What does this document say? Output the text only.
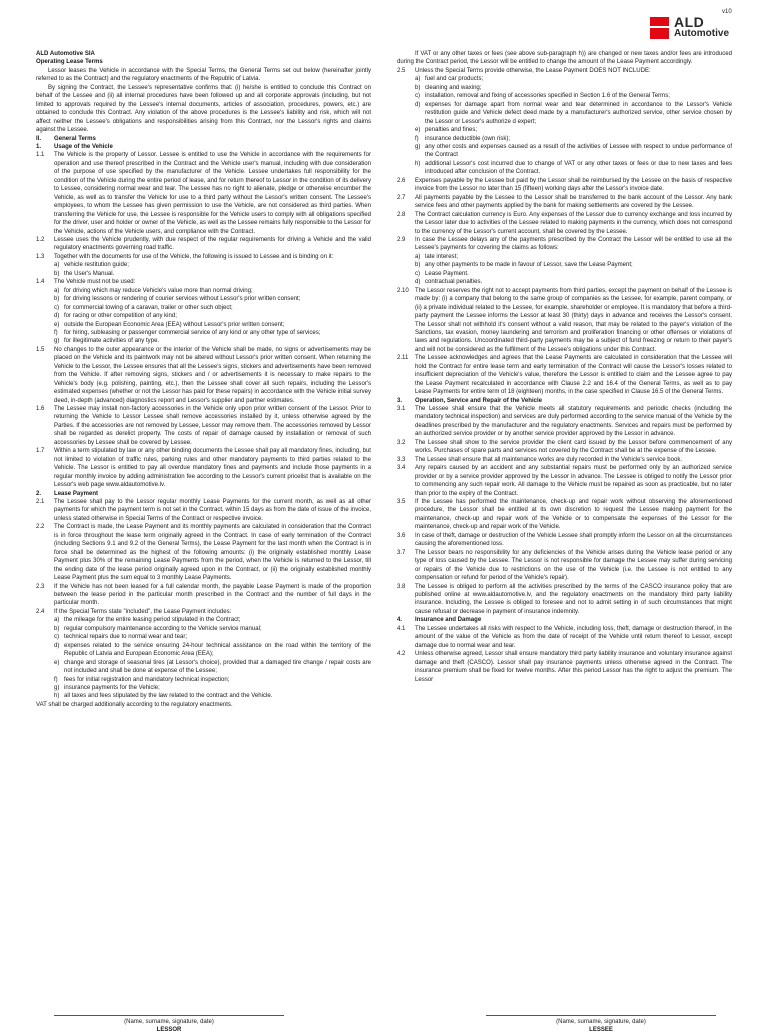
v10
ALD
Automotive

ALD Automotive SIA

Operating Lease Terms

Lessor leases the Vehicle in accordance with the Special Terms, the General Terms set out below (hereinafter jointly referred to as the Contract) and the regulatory enactments of the Republic of Latvia.

By signing the Contract, the Lessee's representative confirms that: (i) he/she is entitled to conclude this Contract on behalf of the Lessee and (ii) all internal procedures have been followed up and all corporate approvals (including, but not limited to approvals required by the Lessee's internal documents, articles of association, procedures, powers, etc.) are obtained to conclude this Contract. Any violation of the above procedures is the Lessee's liability and risk, which will not affect neither the Lessee's obligations and responsibilities arising from this Contract, nor the Lessor's rights and claims against the Lessee.

II.	General Terms
1.	Usage of the Vehicle
1.1	The Vehicle is the property of Lessor. Lessee is entitled to use the Vehicle in accordance with the requirements for operation and use thereof prescribed in the Contract and the Vehicle user's manual, including with due consideration of the purpose of use specified by the manufacturer of the Vehicle. Lessee undertakes full responsibility for the condition of the Vehicle during the entire period of lease, and for return thereof to Lessor in the condition of its delivery to Lessee, considering normal wear and tear. The Lessee has no right to alienate, pledge or otherwise encumber the Vehicle, as well as to transfer the Vehicle for use to a third party without the Lessor's written consent. The Lessee's employees, to whom the Lessee has given permission to use the Vehicle, are not considered as third parties. When transferring the Vehicle for use, the Lessee is responsible for the Vehicle users to comply with all obligations specified for the driver, user and holder or owner of the Vehicle, as well as the Lessee remains fully responsible to the Lessor for the Vehicle, actions of the Vehicle users, and compliance with the Contract.
1.2	Lessee uses the Vehicle prudently, with due respect of the regular requirements for driving a Vehicle and the valid regulatory enactments governing road traffic.
1.3	Together with the documents for use of the Vehicle, the following is issued to Lessee and is binding on it:
a) vehicle restitution guide;
b) the User's Manual.
1.4	The Vehicle must not be used:
a) for driving which may reduce Vehicle's value more than normal driving;
b) for driving lessons or rendering of courier services without Lessor's prior written consent;
c) for commercial towing of a caravan, trailer or other such object;
d) for racing or other competition of any kind;
e) outside the European Economic Area (EEA) without Lessor's prior written consent;
f)	for hiring, subleasing or passenger commercial service of any kind or any other type of services;
g) for illegitimate activities of any type.
1.5	No changes to the outer appearance or the interior of the Vehicle shall be made, no signs or advertisements may be placed on the Vehicle and its paintwork may not be altered without Lessor's prior written consent. When returning the Vehicle to the Lessor, the Lessee ensures that all the Lessee's signs, stickers and advertisements have been removed from the Vehicle. If after removing signs, stickers and / or advertisements it is necessary to make repairs to the Vehicle's body (e.g. polishing, painting, etc.), then the Lessee shall cover all such repairs, including the Lessor's estimated expenses (whether or not the Lessor has paid for these repairs) in accordance with the Vehicle initial survey deed, in-depth (advanced) diagnostics report and Lessor's supplier and partner estimates.
1.6	The Lessee may install non-factory accessories in the Vehicle only upon prior written consent of the Lessor. Prior to returning the Vehicle to Lessor Lessee shall remove accessories installed by it, unless otherwise agreed by the Parties. If the accessories are not removed by Lessee, Lessor may remove them. The accessories removed by Lessor shall be regarded as derelict property. The costs of repair of damage caused by installation or removal of such accessories by Lessee shall be covered by Lessee.
1.7	Within a term stipulated by law or any other binding documents the Lessee shall pay all mandatory fines, including, but not limited to violation of traffic rules, parking rules and other mandatory payments to third parties related to the Vehicle. The Lessor is entitled to pay all overdue mandatory fines and payments and include those payments in a regular monthly invoice by adding administration fee according to the Lessor's current pricelist that is available on the Lessor's web page www.aldautomotive.lv.
2.	Lease Payment
2.1	The Lessee shall pay to the Lessor regular monthly Lease Payments for the current month, as well as all other payments for which the payment term is not set in the Contract, within 15 days as from the date of issue of the invoice, unless stated otherwise in Special Terms of the Contract or respective invoice.
2.2	The Contract is made, the Lease Payment and its monthly payments are calculated in consideration that the Contract is in force throughout the lease term originally agreed in the Contract. In case of early termination of the Contract (including Sections 9.1 and 9.2 of the General Terms), the Lease Payment for the last month when the Contract is in force shall be determined as the highest of the following amounts: (i) the originally established monthly Lease Payment plus 30% of the remaining Lease Payments from the period, when the Vehicle is returned to the Lessor, till the ending date of the lease period originally agreed upon in the Contract, or (ii) the originally established monthly Lease Payment plus the sum equal to 3 monthly Lease Payments.
2.3	If the Vehicle has not been leased for a full calendar month, the payable Lease Payment is made of the proportion between the lease period in the particular month prescribed in the Contract and the number of full days in the particular month.
2.4	If the Special Terms state "included", the Lease Payment includes:
a) the mileage for the entire leasing period stipulated in the Contract;
b) regular compulsory maintenance according to the Vehicle service manual;
c) technical repairs due to normal wear and tear;
d) expenses related to the service ensuring 24-hour technical assistance on the road within the territory of the Republic of Latvia and European Economic Area (EEA);
e) change and storage of seasonal tires (at Lessor's choice), provided that a damaged tire change / repair costs are not included and shall be done at expense of the Lessee;
f)	fees for initial registration and mandatory technical inspection;
g) insurance payments for the Vehicle;
h) all taxes and fees stipulated by the law related to the contract and the Vehicle.

VAT shall be charged additionally according to the regulatory enactments.

If VAT or any other taxes or fees (see above sub-paragraph h)) are changed or new taxes and/or fees are introduced during the Contract period, the Lessor will be entitled to change the amount of the Lease Payment accordingly.

2.5	Unless the Special Terms provide otherwise, the Lease Payment DOES NOT INCLUDE:
a) fuel and car products;
b) cleaning and waxing;
c) installation, removal and fixing of accessories specified in Section 1.6 of the General Terms;
d) expenses for damage apart from normal wear and tear determined in accordance to the Lessor's Vehicle restitution guide and Vehicle defect deed made by a manufacturer's authorized service, other service chosen by the Lessor or Lessor's authorize d expert;
e) penalties and fines;
f)	insurance deductible (own risk);
g) any other costs and expenses caused as a result of the activities of Lessee with respect to undue performance of the Contract
h) additional Lessor's cost incurred due to change of VAT or any other taxes or fees or due to new taxes and fees introduced after conclusion of the Contract.
2.6	Expenses payable by the Lessee but paid by the Lessor shall be reimbursed by the Lessee on the basis of respective invoice from the Lessor no later than 15 (fifteen) working days after the Lessor's invoice date.
2.7	All payments payable by the Lessee to the Lessor shall be transferred to the bank account of the Lessor. Any bank service fees and other payments applied by the bank for making settlements are covered by the Lessee.
2.8	The Contract calculation currency is Euro. Any expenses of the Lessor due to currency exchange and loss incurred by the Lessor later due to activities of the Lessee related to making payments in the currency, which does not correspond to the currency of the Lessor's current account, shall be covered by the Lessee.
2.9	In case the Lessee delays any of the payments prescribed by the Contract the Lessor will be entitled to use all the Lessee's payments for covering the claims as follows:
a) late interest;
b) any other payments to be made in favour of Lessor, save the Lease Payment;
c) Lease Payment.
d) contractual penalties.
2.10	The Lessor reserves the right not to accept payments from third parties, except the payment on behalf of the Lessee is made by: (i) a company that belong to the same group of companies as the Lessee, for example, parent company, or (ii) a private individual related to the Lessee, for example, shareholder or employee. It is mandatory that before a third-party payment the Lessee informs the Lessor at least 30 (thirty) days in advance and receives the Lessor's consent. The Lessor shall not withhold it's consent without a valid reason, that may be related to the payer's violation of the Sanctions, tax evasion, money laundering and terrorism and proliferation financing or other offenses or violations of laws and regulations. Uncoordinated third-party payments may be a subject of fund freezing or return to their payer's and will not be considered as the fulfilment of the Lessee's obligations under this Contract.
2.11	The Lessee acknowledges and agrees that the Lease Payments are calculated in consideration that the Lessee will hold the Contract for entire lease term and early termination of the Contract will cause the Lessor's losses related to insufficient depreciation of the Vehicle's value, therefore the Lessor is entitled to claim and the Lessee agree to pay the Lease Payment recalculated in accordance with Clause 2.2 and 16.4 of the General Terms, as well as to pay Lease Payments for entire term of 18 (eighteen) months, in the case specified in Clause 16.5 of the General Terms.
3.	Operation, Service and Repair of the Vehicle
3.1	The Lessee shall ensure that the Vehicle meets all statutory requirements and periodic checks (including the mandatory technical inspection) and services are duly performed according to the service manual of the Vehicle by the deadlines prescribed by the manufacturer and the regulatory enactments. Services and repairs must be performed by an authorized service provider or by another service provider approved by the Lessor in advance.
3.2	The Lessee shall show to the service provider the client card issued by the Lessor before commencement of any works. Purchases of spare parts and services not covered by the Contract shall be at the expense of the Lessee.
3.3	The Lessee shall ensure that all maintenance works are duly recorded in the Vehicle's service book.
3.4	Any repairs caused by an accident and any substantial repairs must be performed only by an authorized service provider or by a service provider approved by the Lessor in advance. The Lessee is obliged to notify the Lessor prior to commencing any such repair work. All damage to the Vehicle must be repaired as soon as practicable, but no later than prior to the expiry of the Contract.
3.5	If the Lessee has performed the maintenance, check-up and repair work without observing the aforementioned procedure, the Lessor shall be entitled at its own discretion to request the Lessee making payment for the maintenance, check-up and repair work of the Vehicle or to compensate the expenses of the Lessor for the maintenance, check-up and repair work of the Vehicle.
3.6	In case of theft, damage or destruction of the Vehicle Lessee shall promptly inform the Lessor on all the circumstances causing the aforementioned loss.
3.7	The Lessor bears no responsibility for any deficiencies of the Vehicle arises during the Vehicle lease period or any type of loss caused by the Lessee. The Lessor is not responsible for damage the Lessee may suffer during servicing or repairs of the Vehicle due to restrictions on the use of the Vehicle (i.e. the Lessee is not entitled to any compensation or refund for period of the Vehicle's repair).
3.8	The Lessee is obliged to perform all the activities prescribed by the terms of the CASCO insurance policy that are published online at www.aldautomotive.lv, and the regulatory enactments on the mandatory third party liability insurance. Including, the Lessee is obliged to foresee and not to admit setting in of such circumstances that might cause refusal or decrease in payment of insurance indemnity.
4.	Insurance and Damage
4.1	The Lessee undertakes all risks with respect to the Vehicle, including loss, theft, damage or destruction thereof, in the amount of the value of the Vehicle as from the date of receipt of the Vehicle until return thereof to Lessor, except damage due to normal wear and tear.
4.2	Unless otherwise agreed, Lessor shall ensure mandatory third party liability insurance and voluntary insurance against damage and theft (CASCO). Lessor shall pay insurance payments unless otherwise agreed in the Contract. The insurance premium shall be fixed for twelve months. After this period Lessor has the right to adjust the premium. The Lessor
(Name, surname, signature, date)
LESSOR
(Name, surname, signature, date)
LESSEE
